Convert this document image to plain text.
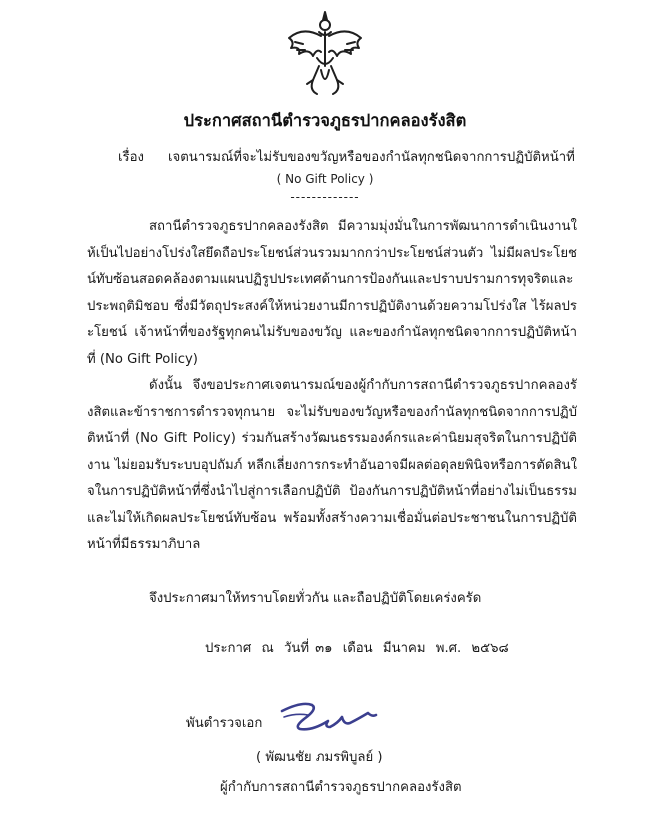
ประกาศสถานีตำรวจภูธรปากคลองรังสิต
เรื่อง เจตนารมณ์ที่จะไม่รับของขวัญหรือของกำนัลทุกชนิดจากการปฏิบัติหน้าที่
( No Gift Policy )
-------------

สถานีตำรวจภูธรปากคลองรังสิต มีความมุ่งมั่นในการพัฒนาการดำเนินงานให้เป็นไปอย่างโปร่งใสยึดถือประโยชน์ส่วนรวมมากกว่าประโยชน์ส่วนตัว ไม่มีผลประโยชน์ทับซ้อนสอดคล้องตามแผนปฏิรูปประเทศด้านการป้องกันและปราบปรามการทุจริตและประพฤติมิชอบ ซึ่งมีวัตถุประสงค์ให้หน่วยงานมีการปฏิบัติงานด้วยความโปร่งใส ไร้ผลประโยชน์ เจ้าหน้าที่ของรัฐทุกคนไม่รับของขวัญ และของกำนัลทุกชนิดจากการปฏิบัติหน้าที่ (No Gift Policy)

ดังนั้น จึงขอประกาศเจตนารมณ์ของผู้กำกับการสถานีตำรวจภูธรปากคลองรังสิตและข้าราชการตำรวจทุกนาย จะไม่รับของขวัญหรือของกำนัลทุกชนิดจากการปฏิบัติหน้าที่ (No Gift Policy) ร่วมกันสร้างวัฒนธรรมองค์กรและค่านิยมสุจริตในการปฏิบัติงาน ไม่ยอมรับระบบอุปถัมภ์ หลีกเลี่ยงการกระทำอันอาจมีผลต่อดุลยพินิจหรือการตัดสินใจในการปฏิบัติหน้าที่ซึ่งนำไปสู่การเลือกปฏิบัติ ป้องกันการปฏิบัติหน้าที่อย่างไม่เป็นธรรมและไม่ให้เกิดผลประโยชน์ทับซ้อน พร้อมทั้งสร้างความเชื่อมั่นต่อประชาชนในการปฏิบัติหน้าที่มีธรรมาภิบาล

จึงประกาศมาให้ทราบโดยทั่วกัน และถือปฏิบัติโดยเคร่งครัด
ประกาศ ณ วันที่ ๓๑ เดือน มีนาคม พ.ศ. ๒๕๖๘
พันตำรวจเอก
( พัฒนชัย ภมรพิบูลย์ )
ผู้กำกับการสถานีตำรวจภูธรปากคลองรังสิต
